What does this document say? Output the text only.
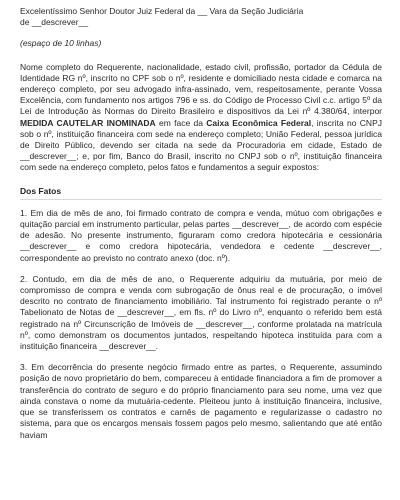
Excelentíssimo Senhor Doutor Juiz Federal da __ Vara da Seção Judiciária

de __descrever__

(espaço de 10 linhas)

Nome completo do Requerente, nacionalidade, estado civil, profissão, portador da Cédula de Identidade RG nº, inscrito no CPF sob o nº, residente e domiciliado nesta cidade e comarca na endereço completo, por seu advogado infra-assinado, vem, respeitosamente, perante Vossa Excelência, com fundamento nos artigos 796 e ss. do Código de Processo Civil c.c. artigo 5º da Lei de Introdução às Normas do Direito Brasileiro e dispositivos da Lei nº 4.380/64, interpor MEDIDA CAUTELAR INOMINADA em face da Caixa Econômica Federal, inscrita no CNPJ sob o nº, instituição financeira com sede na endereço completo; União Federal, pessoa jurídica de Direito Público, devendo ser citada na sede da Procuradoria em cidade, Estado de __descrever__; e, por fim, Banco do Brasil, inscrito no CNPJ sob o nº, instituição financeira com sede na endereço completo, pelos fatos e fundamentos a seguir expostos:

Dos Fatos

1. Em dia de mês de ano, foi firmado contrato de compra e venda, mútuo com obrigações e quitação parcial em instrumento particular, pelas partes __descrever__, de acordo com espécie de adesão. No presente instrumento, figuraram como credora hipotecária e cessionária __descrever__ e como credora hipotecária, vendedora e cedente __descrever__, correspondente ao previsto no contrato anexo (doc. nº).

2. Contudo, em dia de mês de ano, o Requerente adquiriu da mutuária, por meio de compromisso de compra e venda com subrogação de ônus real e de procuração, o imóvel descrito no contrato de financiamento imobiliário. Tal instrumento foi registrado perante o nº Tabelionato de Notas de __descrever__, em fls. nº do Livro nº, enquanto o referido bem está registrado na nº Circunscrição de Imóveis de __descrever__, conforme prolatada na matrícula nº, como demonstram os documentos juntados, respeitando hipoteca instituída para com a instituição financeira __descrever__.

3. Em decorrência do presente negócio firmado entre as partes, o Requerente, assumindo posição de novo proprietário do bem, compareceu à entidade financiadora a fim de promover a transferência do contrato de seguro e do próprio financiamento para seu nome, uma vez que ainda constava o nome da mutuária-cedente. Pleiteou junto à instituição financeira, inclusive, que se transferissem os contratos e carnês de pagamento e regularizasse o cadastro no sistema, para que os encargos mensais fossem pagos pelo mesmo, salientando que até então haviam
